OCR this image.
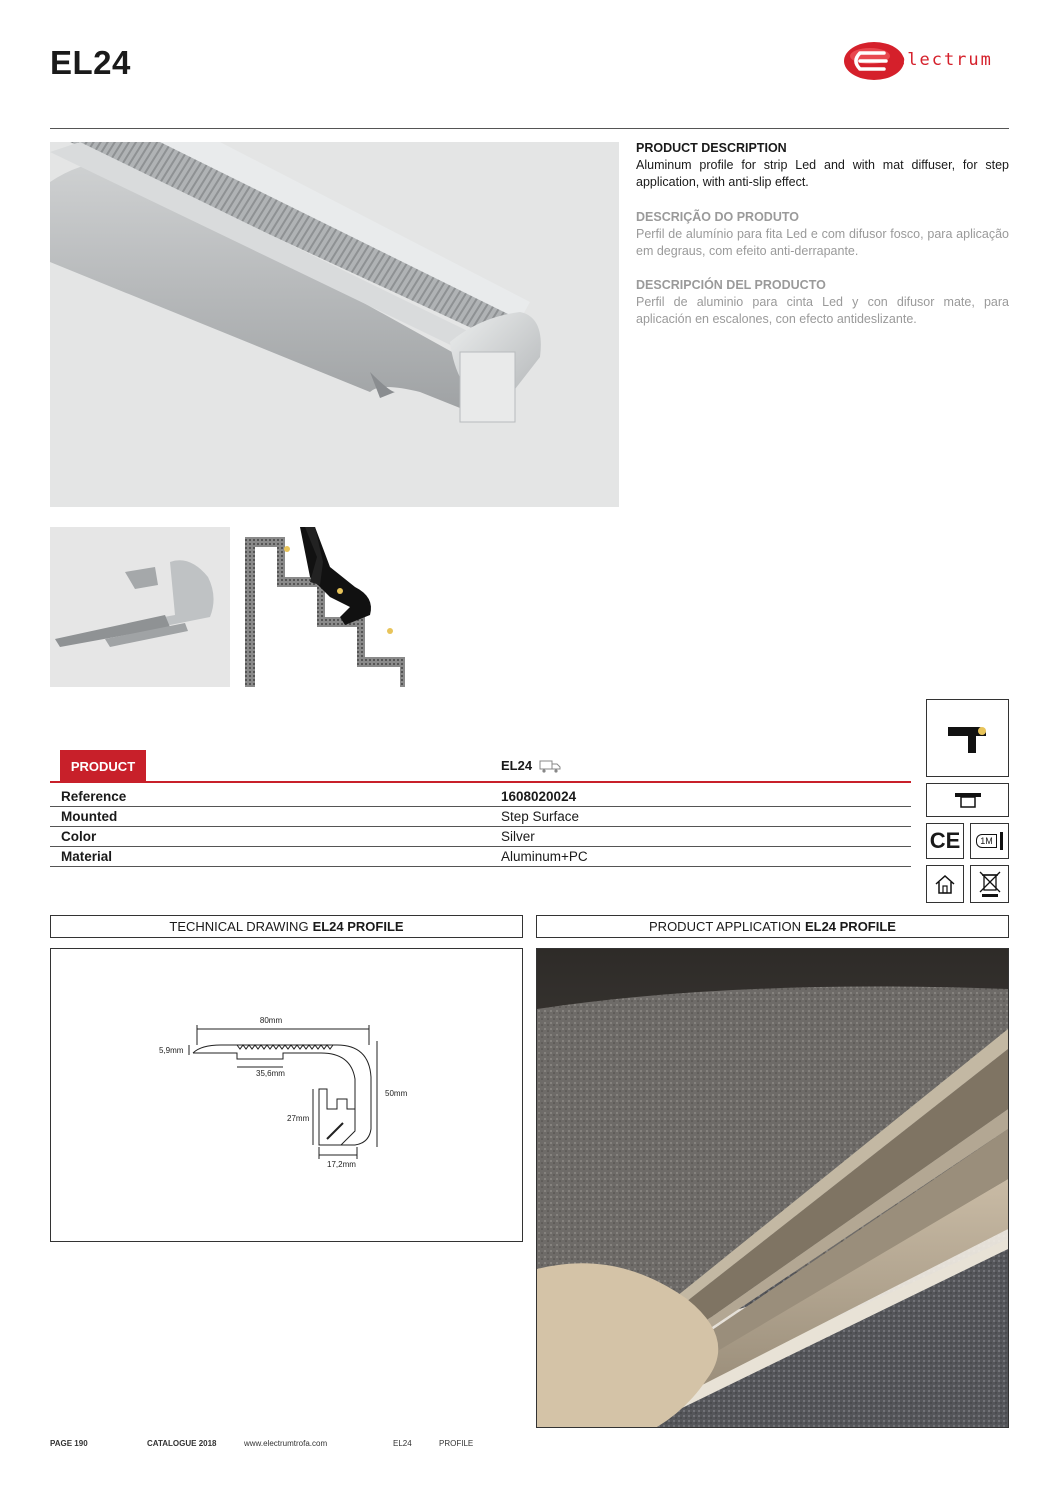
EL24	electrum
PRODUCT DESCRIPTION

Aluminum profile for strip Led and with mat diffuser, for step application, with anti-slip effect.

DESCRIÇÃO DO PRODUTO

Perfil de alumínio para fita Led e com difusor fosco, para aplicação em degraus, com efeito anti-derrapante.

DESCRIPCIÓN DEL PRODUCTO

Perfil de aluminio para cinta Led y con difusor mate, para aplicación en escalones, con efecto antideslizante.

CE	1M
PRODUCT	EL24
Reference	1608020024
Mounted	Step Surface
Color	Silver
Material	Aluminum+PC
TECHNICAL DRAWING EL24 PROFILE	PRODUCT APPLICATION EL24 PROFILE
80mm
5,9mm
35,6mm
50mm
27mm
17,2mm
PAGE 190	CATALOGUE 2018	www.electrumtrofa.com	EL24	PROFILE
